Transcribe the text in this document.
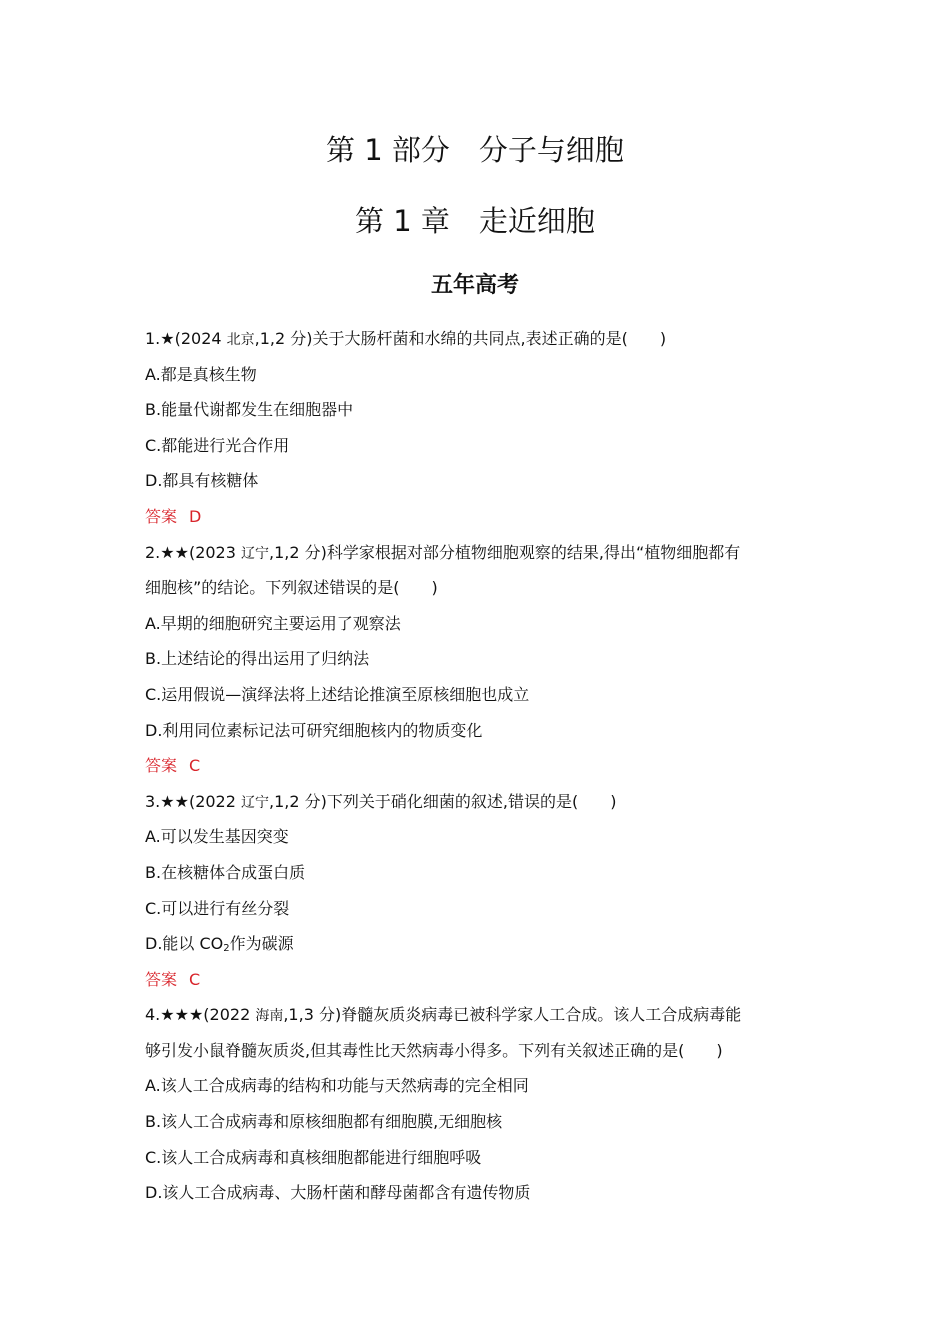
第 1 部分　分子与细胞
第 1 章　走近细胞
五年高考
1.★(2024 北京,1,2 分)关于大肠杆菌和水绵的共同点,表述正确的是(　　)
A.都是真核生物
B.能量代谢都发生在细胞器中
C.都能进行光合作用
D.都具有核糖体
答案 D
2.★★(2023 辽宁,1,2 分)科学家根据对部分植物细胞观察的结果,得出“植物细胞都有
细胞核”的结论。下列叙述错误的是(　　)
A.早期的细胞研究主要运用了观察法
B.上述结论的得出运用了归纳法
C.运用假说—演绎法将上述结论推演至原核细胞也成立
D.利用同位素标记法可研究细胞核内的物质变化
答案 C
3.★★(2022 辽宁,1,2 分)下列关于硝化细菌的叙述,错误的是(　　)
A.可以发生基因突变
B.在核糖体合成蛋白质
C.可以进行有丝分裂
D.能以 $CO_2$作为碳源
答案 C
4.★★★(2022 海南,1,3 分)脊髓灰质炎病毒已被科学家人工合成。该人工合成病毒能
够引发小鼠脊髓灰质炎,但其毒性比天然病毒小得多。下列有关叙述正确的是(　　)
A.该人工合成病毒的结构和功能与天然病毒的完全相同
B.该人工合成病毒和原核细胞都有细胞膜,无细胞核
C.该人工合成病毒和真核细胞都能进行细胞呼吸
D.该人工合成病毒、大肠杆菌和酵母菌都含有遗传物质
